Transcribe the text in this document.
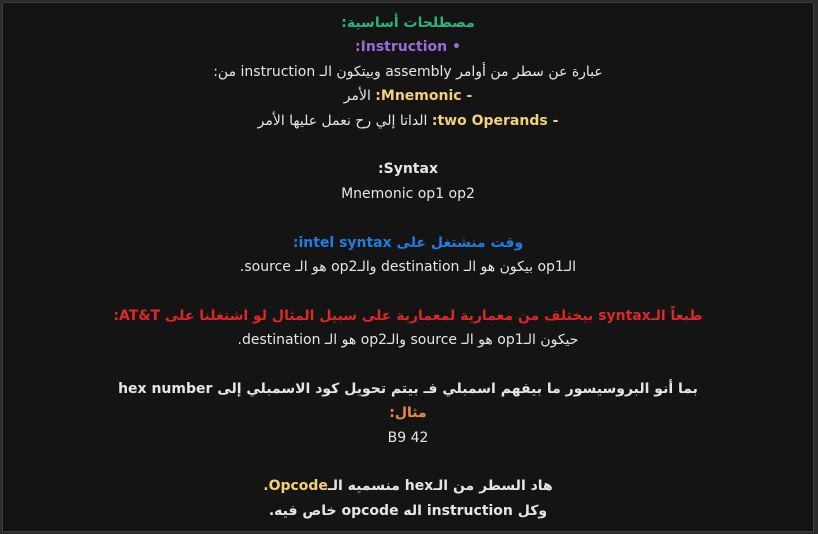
مصطلحات أساسية:
• Instruction:
عبارة عن سطر من أوامر assembly وبيتكون الـ instruction من:
- Mnemonic: الأمر
- two Operands: الداتا إلي رح نعمل عليها الأمر
Syntax:
Mnemonic op1 op2
وقت منشتغل على intel syntax:
الـop1 بيكون هو الـ destination والـop2 هو الـ source.
طبعاً الـsyntax بيختلف من معمارية لمعمارية على سبيل المثال لو اشتغلنا على AT&T:
حيكون الـop1 هو الـ source والـop2 هو الـ destination.
بما أنو البروسيسور ما بيفهم اسمبلي فـ بيتم تحويل كود الاسمبلي إلى hex number
مثال:
B9 42
هاد السطر من الـhex منسميه الـOpcode.
وكل instruction اله opcode خاص فيه.
